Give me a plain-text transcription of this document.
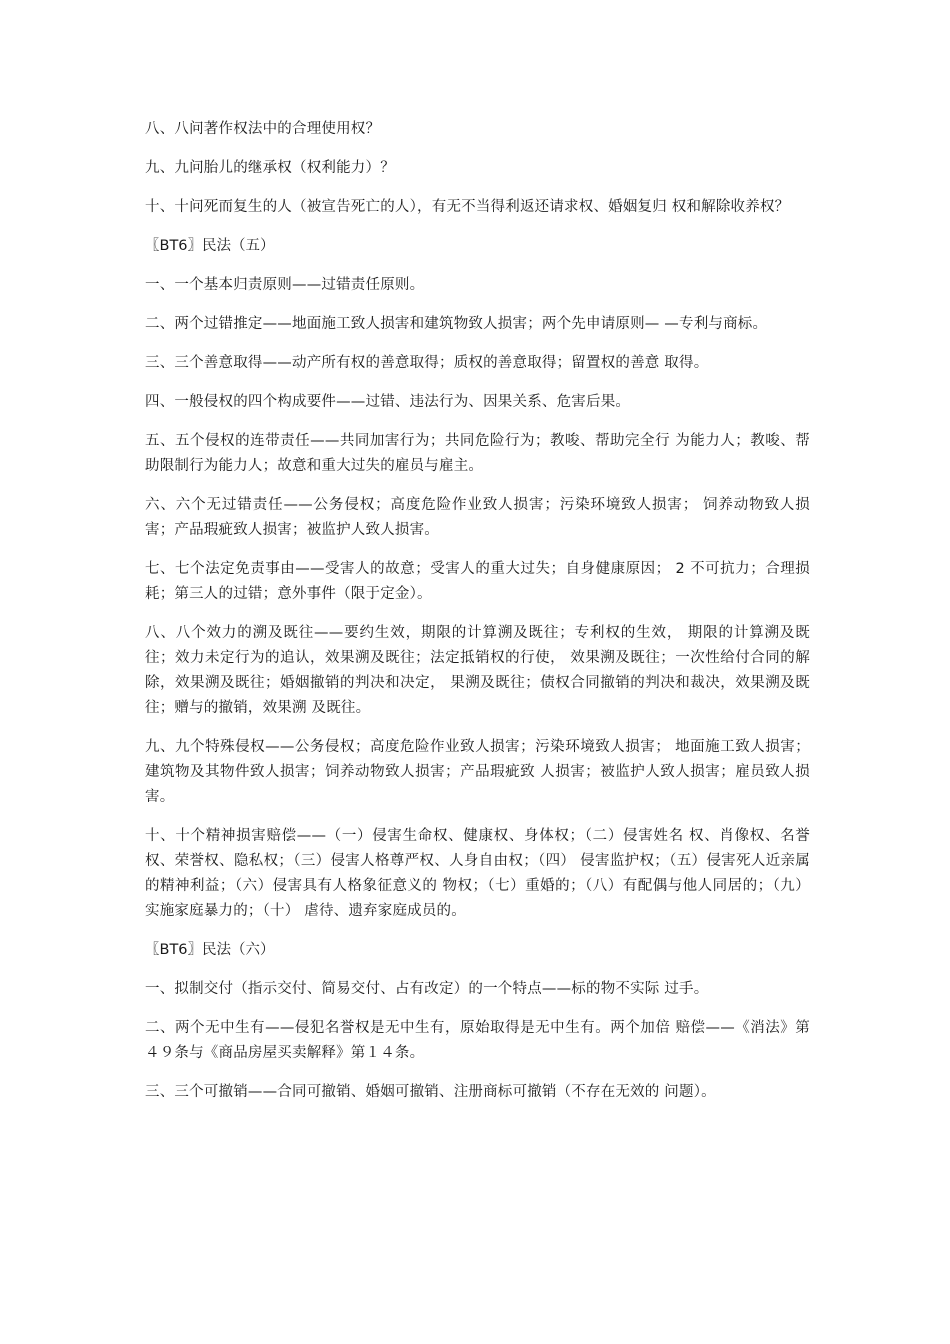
八、八问著作权法中的合理使用权？

九、九问胎儿的继承权（权利能力）？

十、十问死而复生的人（被宣告死亡的人），有无不当得利返还请求权、婚姻复归 权和解除收养权？

〖BT6〗民法（五）

一、一个基本归责原则——过错责任原则。

二、两个过错推定——地面施工致人损害和建筑物致人损害；两个先申请原则— —专利与商标。

三、三个善意取得——动产所有权的善意取得；质权的善意取得；留置权的善意 取得。

四、一般侵权的四个构成要件——过错、违法行为、因果关系、危害后果。

五、五个侵权的连带责任——共同加害行为；共同危险行为；教唆、帮助完全行 为能力人；教唆、帮助限制行为能力人；故意和重大过失的雇员与雇主。

六、六个无过错责任——公务侵权；高度危险作业致人损害；污染环境致人损害； 饲养动物致人损害；产品瑕疵致人损害；被监护人致人损害。

七、七个法定免责事由——受害人的故意；受害人的重大过失；自身健康原因； 2 不可抗力；合理损耗；第三人的过错；意外事件（限于定金）。

八、八个效力的溯及既往——要约生效，期限的计算溯及既往；专利权的生效， 期限的计算溯及既往；效力未定行为的追认，效果溯及既往；法定抵销权的行使， 效果溯及既往；一次性给付合同的解除，效果溯及既往；婚姻撤销的判决和决定， 果溯及既往；债权合同撤销的判决和裁决，效果溯及既往；赠与的撤销，效果溯 及既往。

九、九个特殊侵权——公务侵权；高度危险作业致人损害；污染环境致人损害； 地面施工致人损害；建筑物及其物件致人损害；饲养动物致人损害；产品瑕疵致 人损害；被监护人致人损害；雇员致人损害。

十、十个精神损害赔偿——（一）侵害生命权、健康权、身体权；（二）侵害姓名 权、肖像权、名誉权、荣誉权、隐私权；（三）侵害人格尊严权、人身自由权；（四） 侵害监护权；（五）侵害死人近亲属的精神利益；（六）侵害具有人格象征意义的 物权；（七）重婚的；（八）有配偶与他人同居的；（九）实施家庭暴力的；（十） 虐待、遗弃家庭成员的。

〖BT6〗民法（六）

一、拟制交付（指示交付、简易交付、占有改定）的一个特点——标的物不实际 过手。

二、两个无中生有——侵犯名誉权是无中生有，原始取得是无中生有。两个加倍 赔偿——《消法》第４９条与《商品房屋买卖解释》第１４条。

三、三个可撤销——合同可撤销、婚姻可撤销、注册商标可撤销（不存在无效的 问题）。
